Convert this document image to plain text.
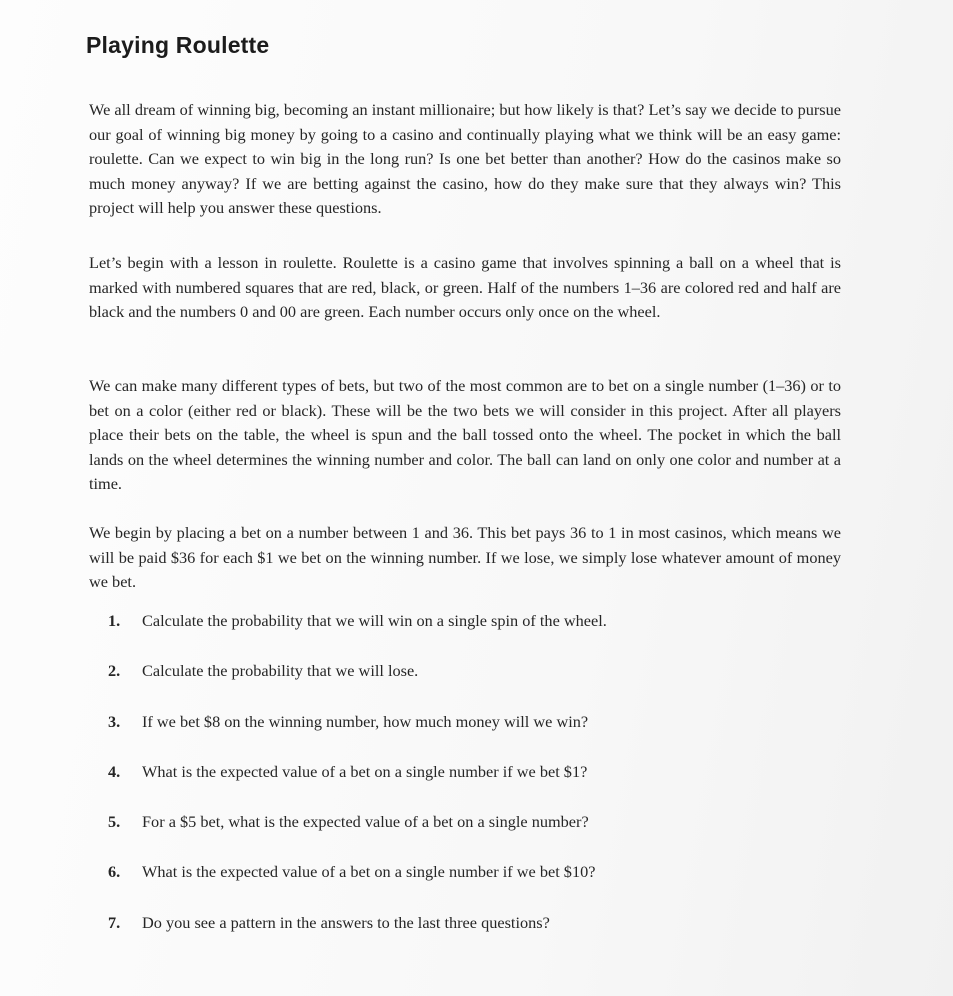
Playing Roulette

We all dream of winning big, becoming an instant millionaire; but how likely is that? Let’s say we decide to pursue our goal of winning big money by going to a casino and continually playing what we think will be an easy game: roulette. Can we expect to win big in the long run? Is one bet better than another? How do the casinos make so much money anyway? If we are betting against the casino, how do they make sure that they always win? This project will help you answer these questions.

Let’s begin with a lesson in roulette. Roulette is a casino game that involves spinning a ball on a wheel that is marked with numbered squares that are red, black, or green. Half of the numbers 1–36 are colored red and half are black and the numbers 0 and 00 are green. Each number occurs only once on the wheel.

We can make many different types of bets, but two of the most common are to bet on a single number (1–36) or to bet on a color (either red or black). These will be the two bets we will consider in this project. After all players place their bets on the table, the wheel is spun and the ball tossed onto the wheel. The pocket in which the ball lands on the wheel determines the winning number and color. The ball can land on only one color and number at a time.

We begin by placing a bet on a number between 1 and 36. This bet pays 36 to 1 in most casinos, which means we will be paid $36 for each $1 we bet on the winning number. If we lose, we simply lose whatever amount of money we bet.

1. Calculate the probability that we will win on a single spin of the wheel.
2. Calculate the probability that we will lose.
3. If we bet $8 on the winning number, how much money will we win?
4. What is the expected value of a bet on a single number if we bet $1?
5. For a $5 bet, what is the expected value of a bet on a single number?
6. What is the expected value of a bet on a single number if we bet $10?
7. Do you see a pattern in the answers to the last three questions?
